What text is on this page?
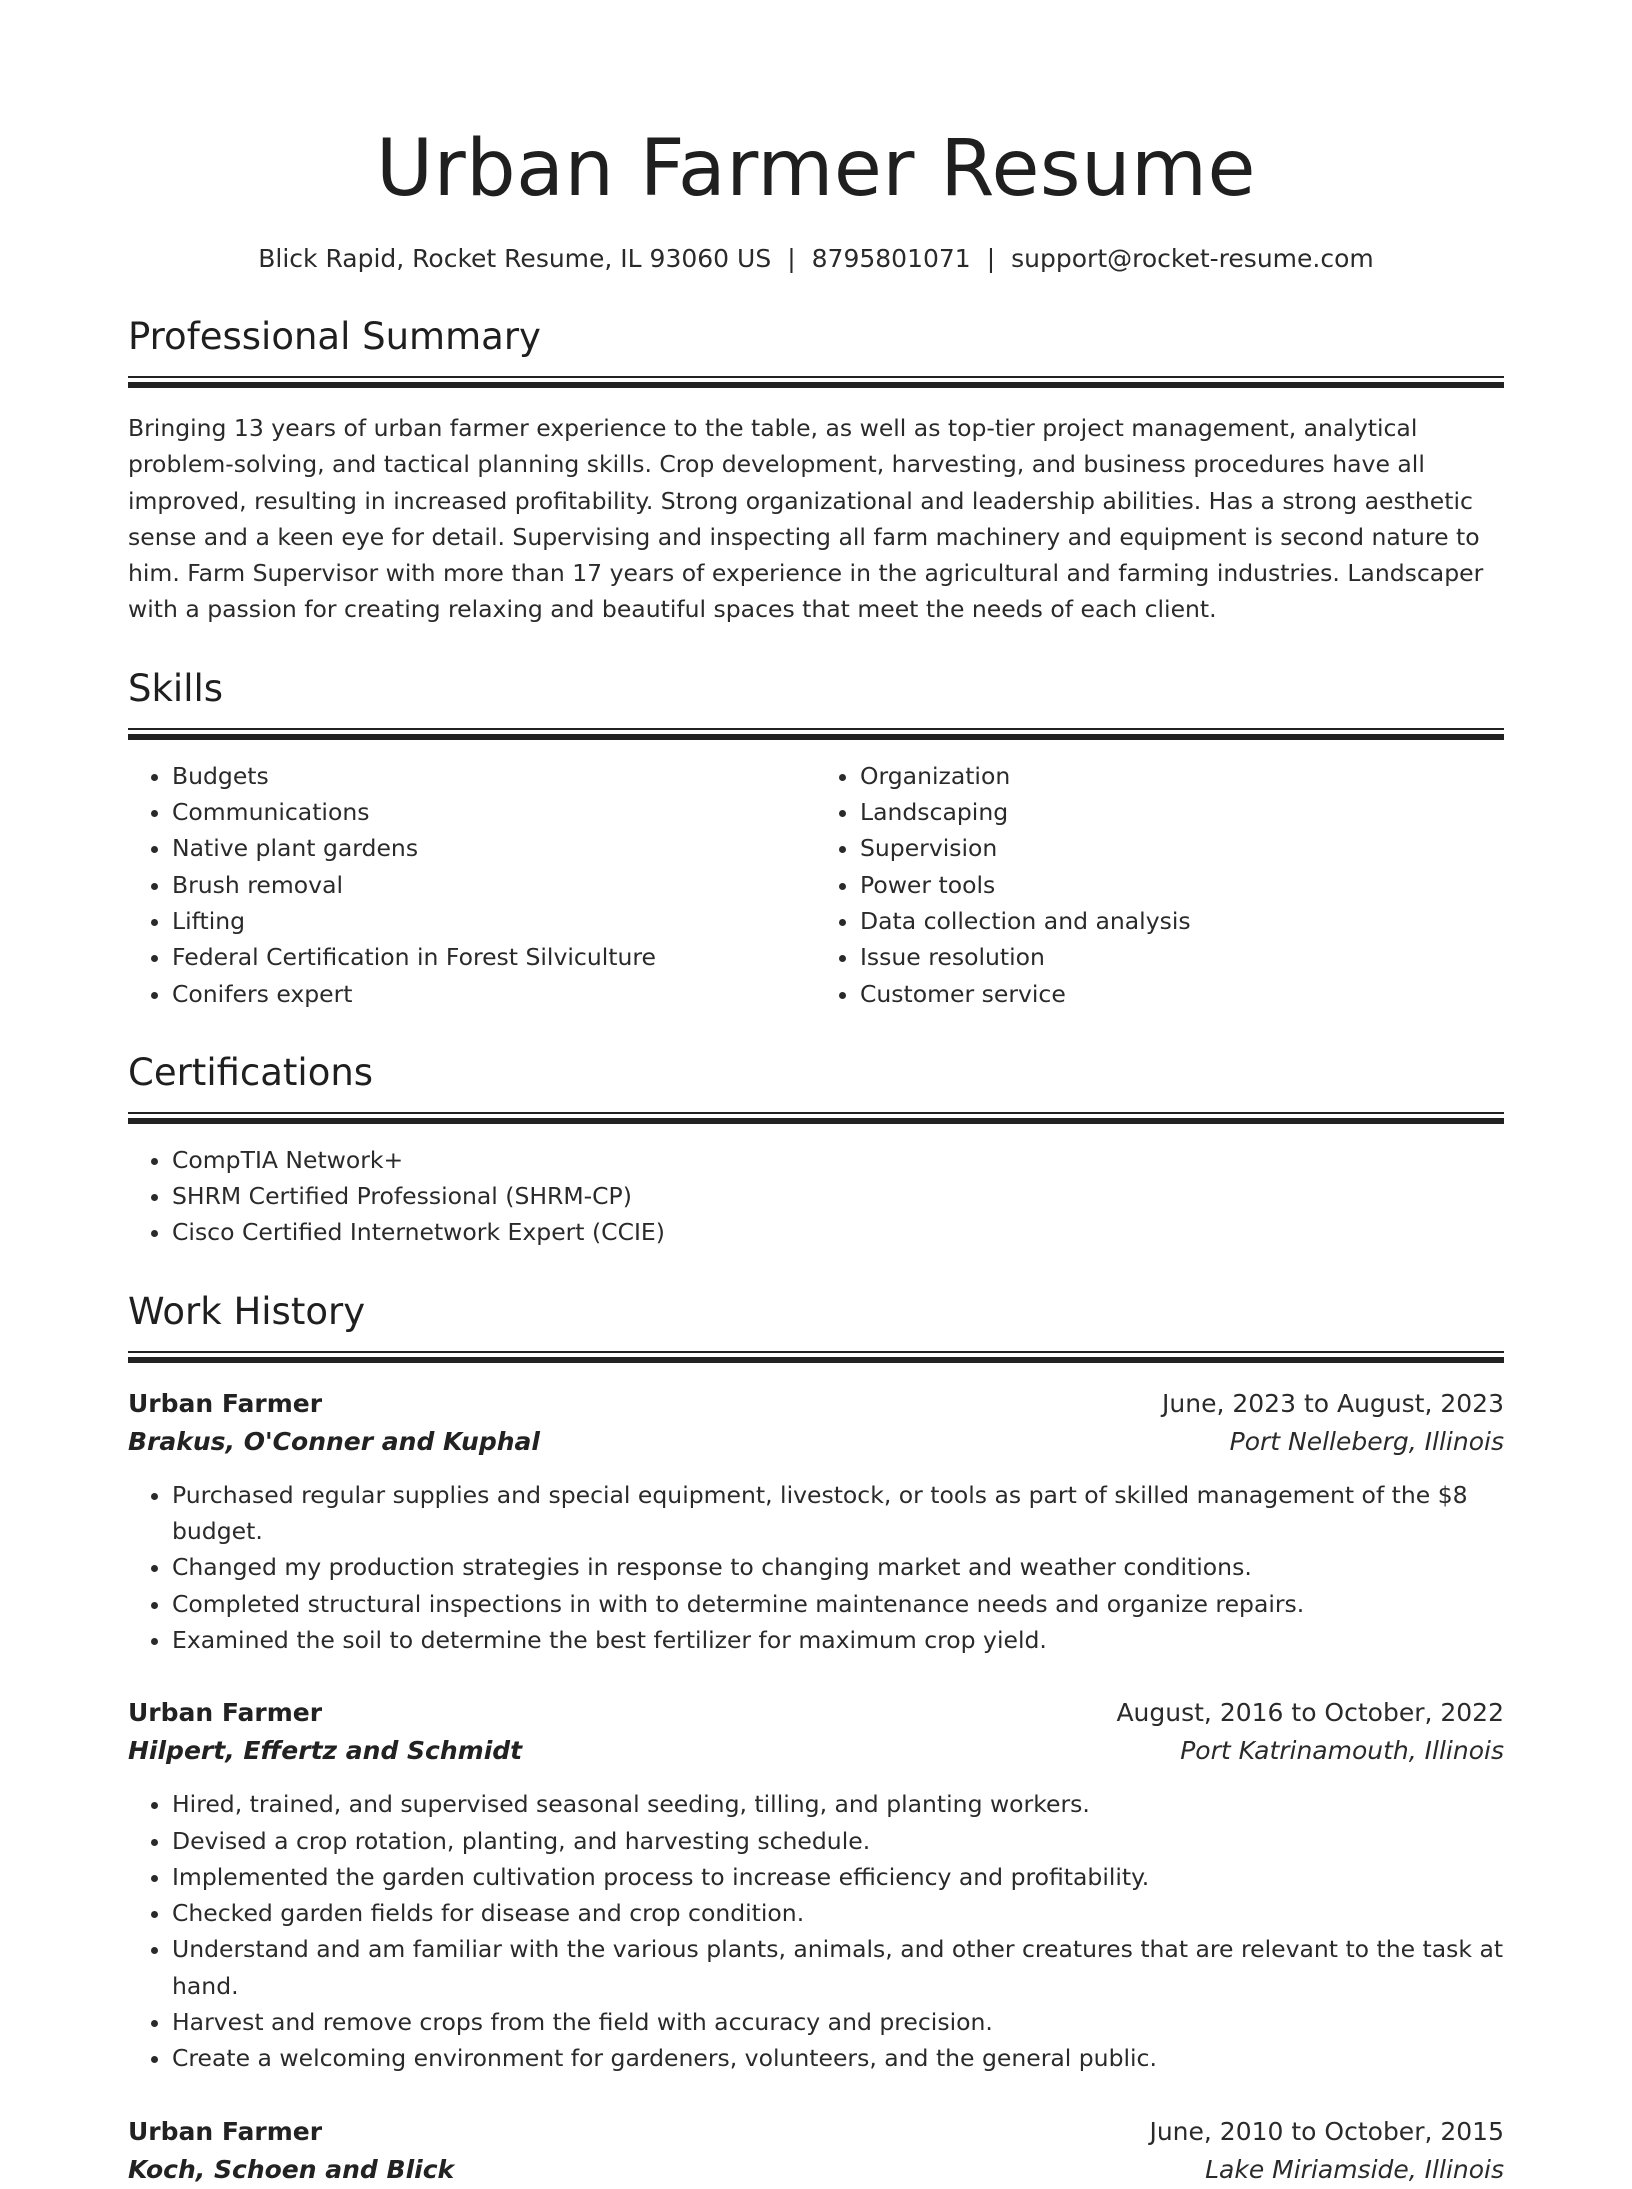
Urban Farmer Resume
Blick Rapid, Rocket Resume, IL 93060 US | 8795801071 | support@rocket-resume.com
Professional Summary
Bringing 13 years of urban farmer experience to the table, as well as top-tier project management, analytical problem-solving, and tactical planning skills. Crop development, harvesting, and business procedures have all improved, resulting in increased profitability. Strong organizational and leadership abilities. Has a strong aesthetic sense and a keen eye for detail. Supervising and inspecting all farm machinery and equipment is second nature to him. Farm Supervisor with more than 17 years of experience in the agricultural and farming industries. Landscaper with a passion for creating relaxing and beautiful spaces that meet the needs of each client.
Skills
• Budgets
• Communications
• Native plant gardens
• Brush removal
• Lifting
• Federal Certification in Forest Silviculture
• Conifers expert
• Organization
• Landscaping
• Supervision
• Power tools
• Data collection and analysis
• Issue resolution
• Customer service
Certifications
• CompTIA Network+
• SHRM Certified Professional (SHRM-CP)
• Cisco Certified Internetwork Expert (CCIE)
Work History
Urban Farmer	June, 2023 to August, 2023
Brakus, O'Conner and Kuphal	Port Nelleberg, Illinois
• Purchased regular supplies and special equipment, livestock, or tools as part of skilled management of the $8 budget.
• Changed my production strategies in response to changing market and weather conditions.
• Completed structural inspections in with to determine maintenance needs and organize repairs.
• Examined the soil to determine the best fertilizer for maximum crop yield.
Urban Farmer	August, 2016 to October, 2022
Hilpert, Effertz and Schmidt	Port Katrinamouth, Illinois
• Hired, trained, and supervised seasonal seeding, tilling, and planting workers.
• Devised a crop rotation, planting, and harvesting schedule.
• Implemented the garden cultivation process to increase efficiency and profitability.
• Checked garden fields for disease and crop condition.
• Understand and am familiar with the various plants, animals, and other creatures that are relevant to the task at hand.
• Harvest and remove crops from the field with accuracy and precision.
• Create a welcoming environment for gardeners, volunteers, and the general public.
Urban Farmer	June, 2010 to October, 2015
Koch, Schoen and Blick	Lake Miriamside, Illinois
